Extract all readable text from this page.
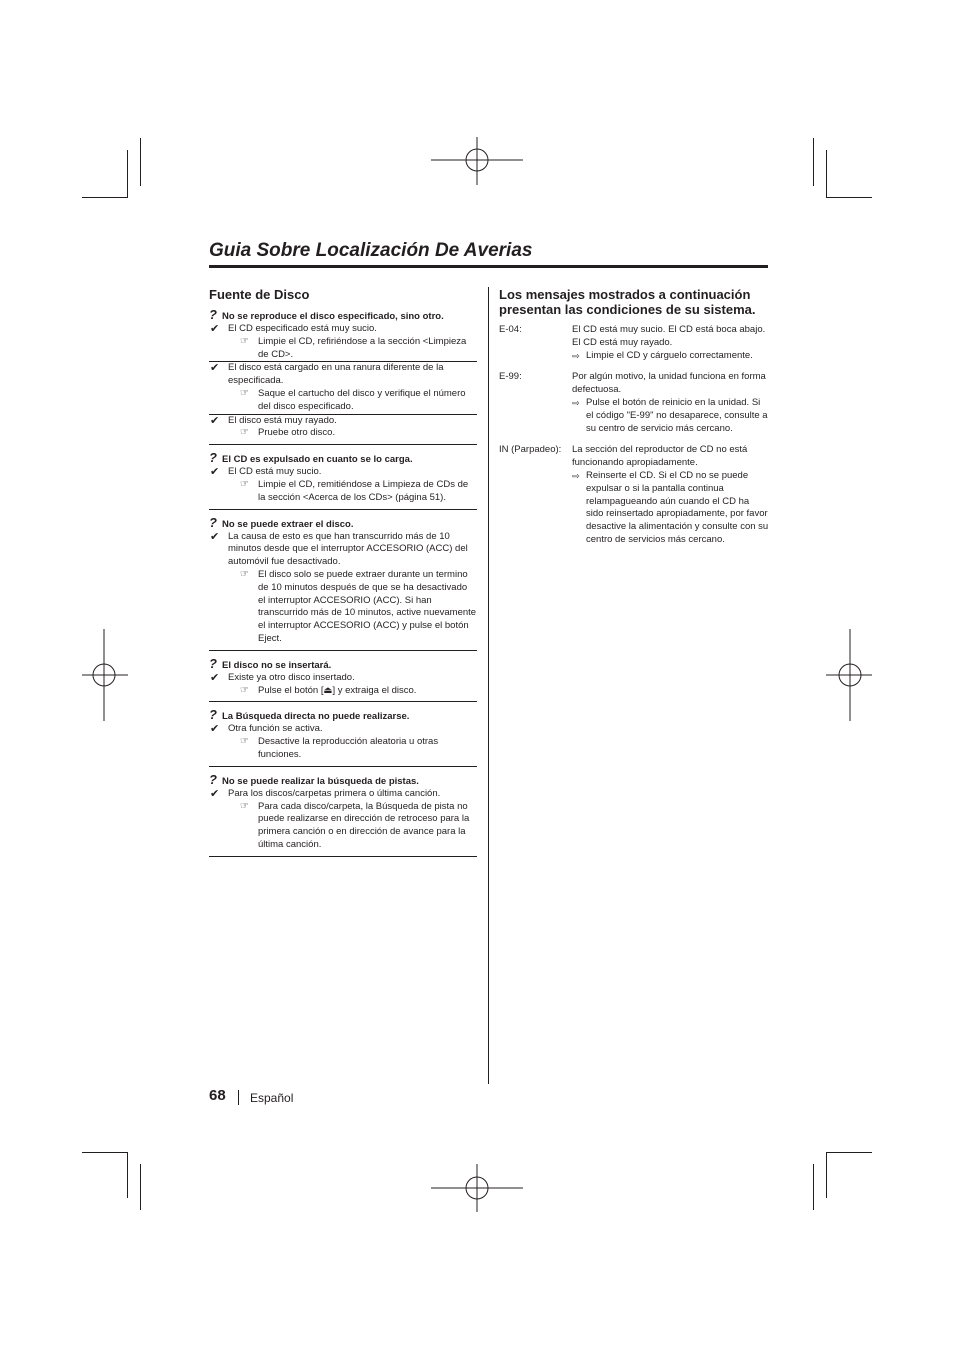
Guia Sobre Localización De Averias
Fuente de Disco
? No se reproduce el disco especificado, sino otro.
✔ El CD especificado está muy sucio.
☞ Limpie el CD, refiriéndose a la sección <Limpieza de CD>.
✔ El disco está cargado en una ranura diferente de la especificada.
☞ Saque el cartucho del disco y verifique el número del disco especificado.
✔ El disco está muy rayado.
☞ Pruebe otro disco.
? El CD es expulsado en cuanto se lo carga.
✔ El CD está muy sucio.
☞ Limpie el CD, remitiéndose a Limpieza de CDs de la sección <Acerca de los CDs> (página 51).
? No se puede extraer el disco.
✔ La causa de esto es que han transcurrido más de 10 minutos desde que el interruptor ACCESORIO (ACC) del automóvil fue desactivado.
☞ El disco solo se puede extraer durante un termino de 10 minutos después de que se ha desactivado el interruptor ACCESORIO (ACC). Si han transcurrido más de 10 minutos, active nuevamente el interruptor ACCESORIO (ACC) y pulse el botón Eject.
? El disco no se insertará.
✔ Existe ya otro disco insertado.
☞ Pulse el botón [⏏] y extraiga el disco.
? La Búsqueda directa no puede realizarse.
✔ Otra función se activa.
☞ Desactive la reproducción aleatoria u otras funciones.
? No se puede realizar la búsqueda de pistas.
✔ Para los discos/carpetas primera o última canción.
☞ Para cada disco/carpeta, la Búsqueda de pista no puede realizarse en dirección de retroceso para la primera canción o en dirección de avance para la última canción.
Los mensajes mostrados a continuación presentan las condiciones de su sistema.
E-04:	El CD está muy sucio. El CD está boca abajo. El CD está muy rayado.
⇨ Limpie el CD y cárguelo correctamente.
E-99:	Por algún motivo, la unidad funciona en forma defectuosa.
⇨ Pulse el botón de reinicio en la unidad. Si el código "E-99" no desaparece, consulte a su centro de servicio más cercano.
IN (Parpadeo):	La sección del reproductor de CD no está funcionando apropiadamente.
⇨ Reinserte el CD. Si el CD no se puede expulsar o si la pantalla continua relampagueando aún cuando el CD ha sido reinsertado apropiadamente, por favor desactive la alimentación y consulte con su centro de servicios más cercano.
68 Español
